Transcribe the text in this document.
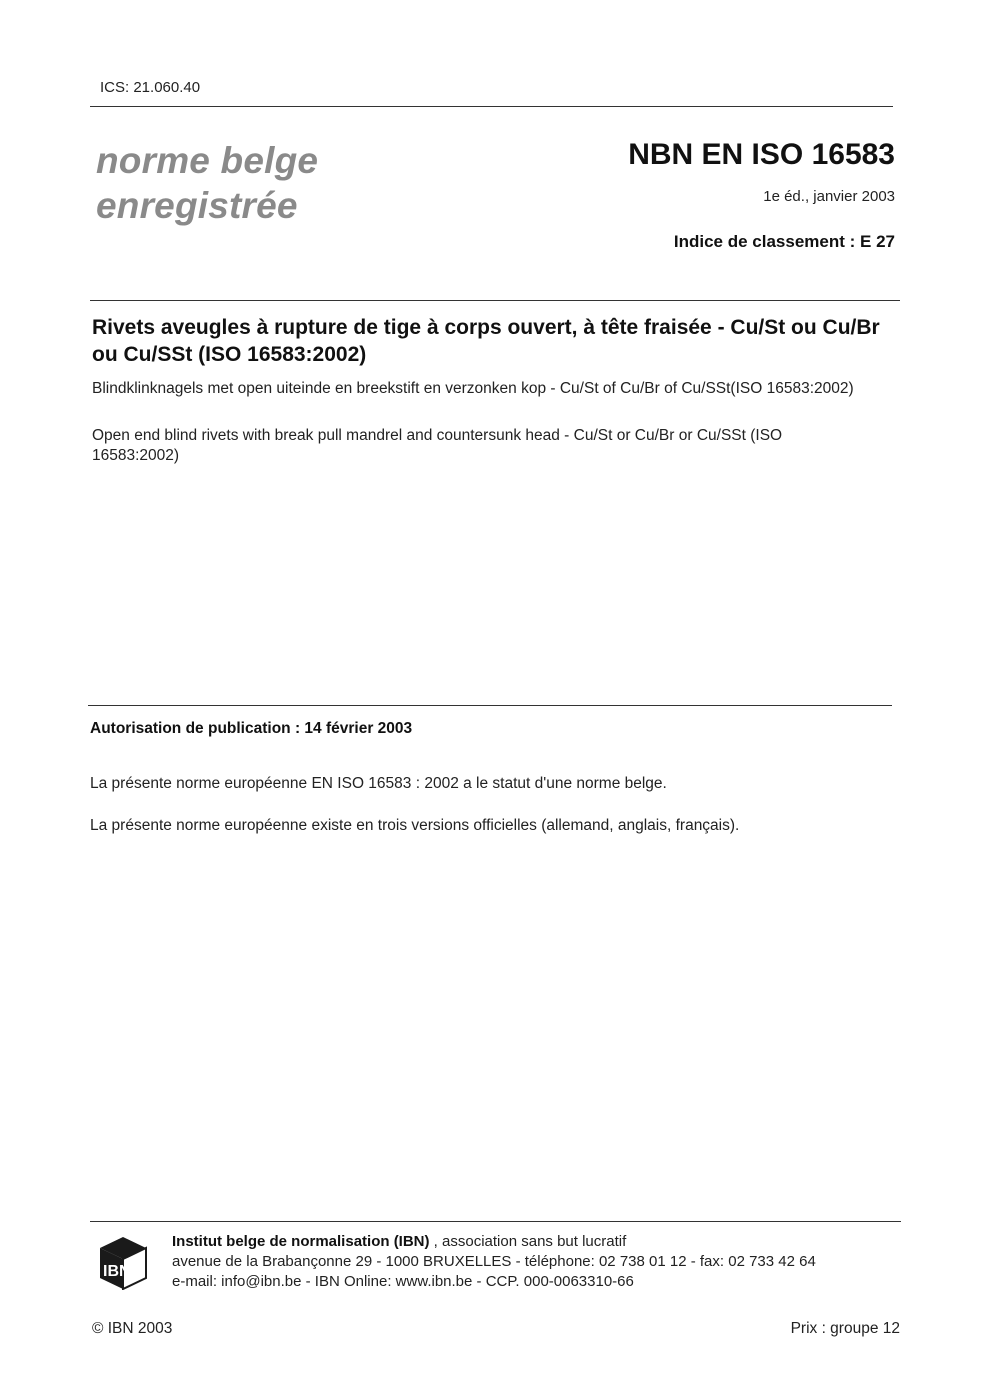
ICS: 21.060.40
norme belge
enregistrée
NBN EN ISO 16583
1e éd., janvier 2003
Indice de classement : E 27
Rivets aveugles à rupture de tige à corps ouvert, à tête fraisée - Cu/St ou Cu/Br ou Cu/SSt (ISO 16583:2002)
Blindklinknagels met open uiteinde en breekstift en verzonken kop - Cu/St of Cu/Br of Cu/SSt(ISO 16583:2002)
Open end blind rivets with break pull mandrel and countersunk head - Cu/St or Cu/Br or Cu/SSt (ISO 16583:2002)
Autorisation de publication : 14 février 2003
La présente norme européenne EN ISO 16583 : 2002 a le statut d'une norme belge.
La présente norme européenne existe en trois versions officielles (allemand, anglais, français).
IBN
Institut belge de normalisation (IBN) , association sans but lucratif
avenue de la Brabançonne 29 - 1000 BRUXELLES - téléphone: 02 738 01 12 - fax: 02 733 42 64
e-mail: info@ibn.be - IBN Online: www.ibn.be - CCP. 000-0063310-66
© IBN 2003	Prix : groupe 12
